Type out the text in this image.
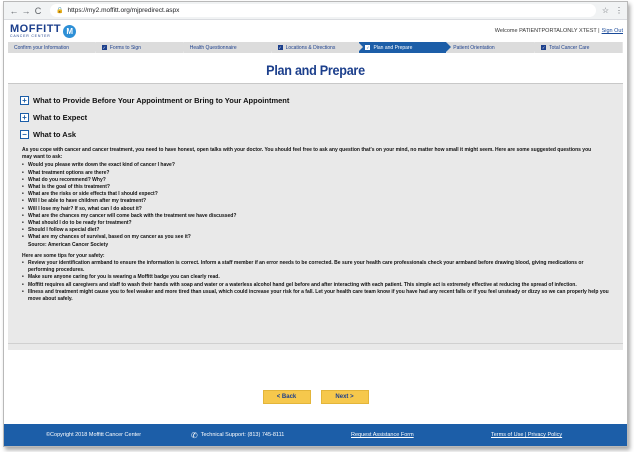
← → C	🔒 https://my2.moffitt.org/mjpredirect.aspx	☆ ⋮
MOFFITT
CANCER CENTER	M	Welcome PATIENTPORTALONLY XTEST | Sign Out
Confirm your Information	✓ Forms to Sign	Health Questionnaire	✓ Locations & Directions	✓ Plan and Prepare	Patient Orientation	✓ Total Cancer Care
Plan and Prepare
+ What to Provide Before Your Appointment or Bring to Your Appointment
+ What to Expect
− What to Ask

As you cope with cancer and cancer treatment, you need to have honest, open talks with your doctor. You should feel free to ask any question that's on your mind, no matter how small it might seem. Here are some suggested questions you may want to ask:

• Would you please write down the exact kind of cancer I have?
• What treatment options are there?
• What do you recommend? Why?
• What is the goal of this treatment?
• What are the risks or side effects that I should expect?
• Will I be able to have children after my treatment?
• Will I lose my hair? If so, what can I do about it?
• What are the chances my cancer will come back with the treatment we have discussed?
• What should I do to be ready for treatment?
• Should I follow a special diet?
• What are my chances of survival, based on my cancer as you see it?
Source: American Cancer Society
Here are some tips for your safety:
• Review your identification armband to ensure the information is correct. Inform a staff member if an error needs to be corrected. Be sure your health care professionals check your armband before drawing blood, giving medications or performing procedures.
• Make sure anyone caring for you is wearing a Moffitt badge you can clearly read.
• Moffitt requires all caregivers and staff to wash their hands with soap and water or a waterless alcohol hand gel before and after interacting with each patient. This simple act is extremely effective at reducing the spread of infection.
• Illness and treatment might cause you to feel weaker and more tired than usual, which could increase your risk for a fall. Let your health care team know if you have had any recent falls or if you feel unsteady or dizzy so we can properly help you move about safely.
< Back	Next >
©Copyright 2018 Moffitt Cancer Center	✆ Technical Support: (813) 745-8111	Request Assistance Form	Terms of Use | Privacy Policy
